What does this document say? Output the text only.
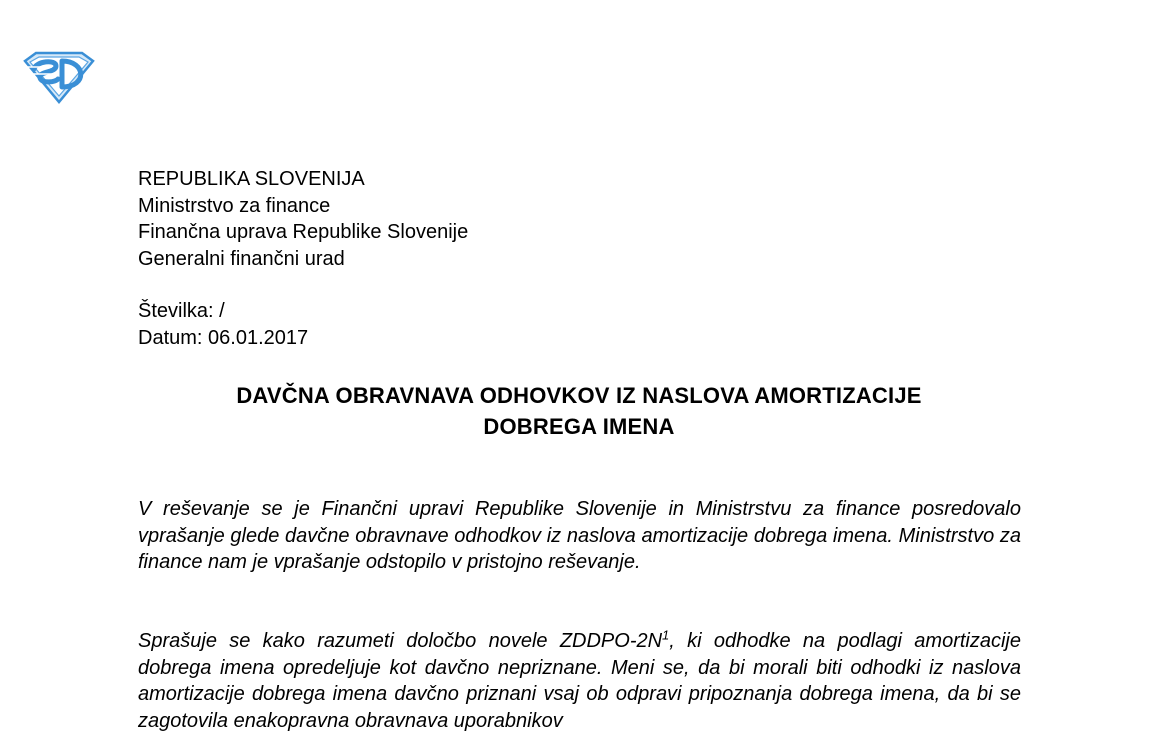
REPUBLIKA SLOVENIJA
Ministrstvo za finance
Finančna uprava Republike Slovenije
Generalni finančni urad
Številka: /
Datum: 06.01.2017
DAVČNA OBRAVNAVA ODHOVKOV IZ NASLOVA AMORTIZACIJE
DOBREGA IMENA

V reševanje se je Finančni upravi Republike Slovenije in Ministrstvu za finance posredovalo vprašanje glede davčne obravnave odhodkov iz naslova amortizacije dobrega imena. Ministrstvo za finance nam je vprašanje odstopilo v pristojno reševanje.

Sprašuje se kako razumeti določbo novele ZDDPO-$2N^1$, ki odhodke na podlagi amortizacije dobrega imena opredeljuje kot davčno nepriznane. Meni se, da bi morali biti odhodki iz naslova amortizacije dobrega imena davčno priznani vsaj ob odpravi pripoznanja dobrega imena, da bi se zagotovila enakopravna obravnava uporabnikov
